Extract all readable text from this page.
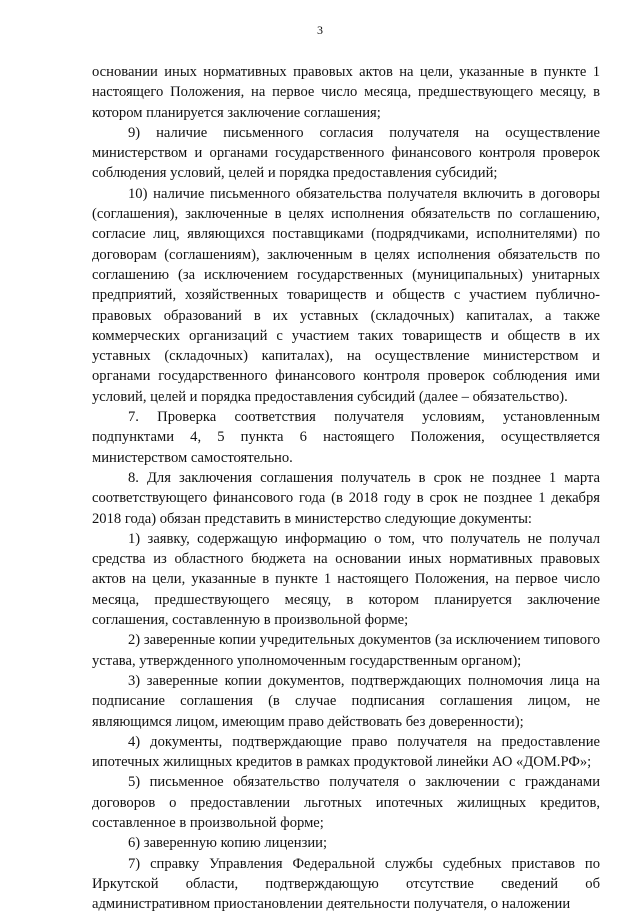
3

основании иных нормативных правовых актов на цели, указанные в пункте 1 настоящего Положения, на первое число месяца, предшествующего месяцу, в котором планируется заключение соглашения;

9) наличие письменного согласия получателя на осуществление министерством и органами государственного финансового контроля проверок соблюдения условий, целей и порядка предоставления субсидий;

10) наличие письменного обязательства получателя включить в договоры (соглашения), заключенные в целях исполнения обязательств по соглашению, согласие лиц, являющихся поставщиками (подрядчиками, исполнителями) по договорам (соглашениям), заключенным в целях исполнения обязательств по соглашению (за исключением государственных (муниципальных) унитарных предприятий, хозяйственных товариществ и обществ с участием публично-правовых образований в их уставных (складочных) капиталах, а также коммерческих организаций с участием таких товариществ и обществ в их уставных (складочных) капиталах), на осуществление министерством и органами государственного финансового контроля проверок соблюдения ими условий, целей и порядка предоставления субсидий (далее – обязательство).

7. Проверка соответствия получателя условиям, установленным подпунктами 4, 5 пункта 6 настоящего Положения, осуществляется министерством самостоятельно.

8. Для заключения соглашения получатель в срок не позднее 1 марта соответствующего финансового года (в 2018 году в срок не позднее 1 декабря 2018 года) обязан представить в министерство следующие документы:

1) заявку, содержащую информацию о том, что получатель не получал средства из областного бюджета на основании иных нормативных правовых актов на цели, указанные в пункте 1 настоящего Положения, на первое число месяца, предшествующего месяцу, в котором планируется заключение соглашения, составленную в произвольной форме;

2) заверенные копии учредительных документов (за исключением типового устава, утвержденного уполномоченным государственным органом);

3) заверенные копии документов, подтверждающих полномочия лица на подписание соглашения (в случае подписания соглашения лицом, не являющимся лицом, имеющим право действовать без доверенности);

4) документы, подтверждающие право получателя на предоставление ипотечных жилищных кредитов в рамках продуктовой линейки АО «ДОМ.РФ»;

5) письменное обязательство получателя о заключении с гражданами договоров о предоставлении льготных ипотечных жилищных кредитов, составленное в произвольной форме;

6) заверенную копию лицензии;

7) справку Управления Федеральной службы судебных приставов по Иркутской области, подтверждающую отсутствие сведений об административном приостановлении деятельности получателя, о наложении
